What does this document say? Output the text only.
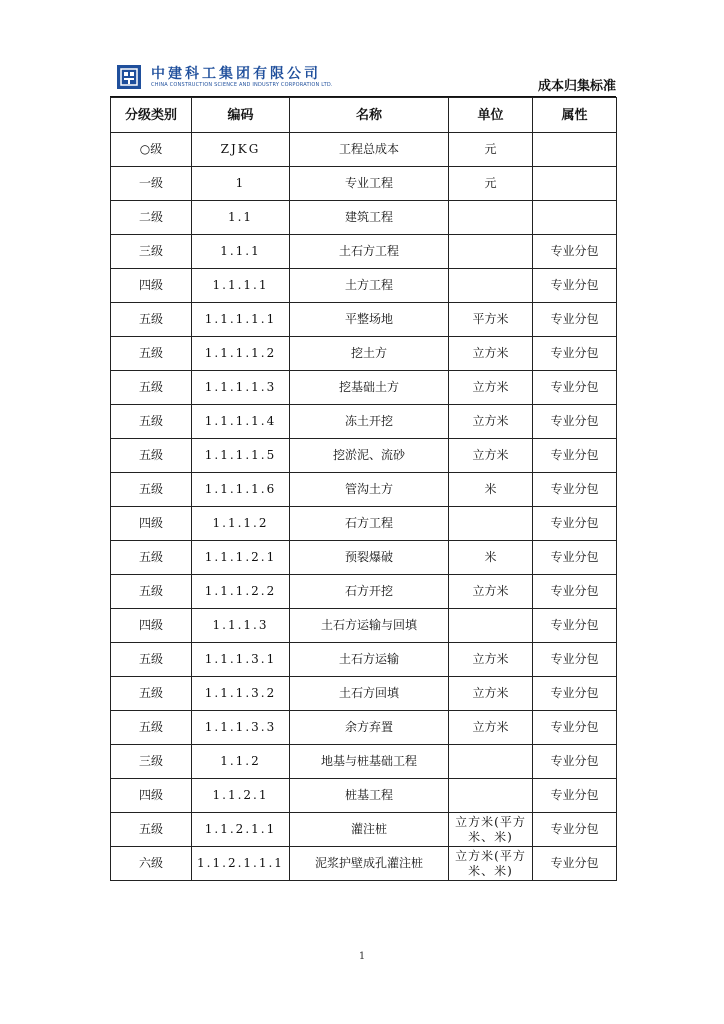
中建科工集团有限公司
CHINA CONSTRUCTION SCIENCE AND INDUSTRY CORPORATION LTD.	成本归集标准
分级类别	编码	名称	单位	属性
○级	ZJKG	工程总成本	元	
一级	1	专业工程	元	
二级	1.1	建筑工程		
三级	1.1.1	土石方工程		专业分包
四级	1.1.1.1	土方工程		专业分包
五级	1.1.1.1.1	平整场地	平方米	专业分包
五级	1.1.1.1.2	挖土方	立方米	专业分包
五级	1.1.1.1.3	挖基础土方	立方米	专业分包
五级	1.1.1.1.4	冻土开挖	立方米	专业分包
五级	1.1.1.1.5	挖淤泥、流砂	立方米	专业分包
五级	1.1.1.1.6	管沟土方	米	专业分包
四级	1.1.1.2	石方工程		专业分包
五级	1.1.1.2.1	预裂爆破	米	专业分包
五级	1.1.1.2.2	石方开挖	立方米	专业分包
四级	1.1.1.3	土石方运输与回填		专业分包
五级	1.1.1.3.1	土石方运输	立方米	专业分包
五级	1.1.1.3.2	土石方回填	立方米	专业分包
五级	1.1.1.3.3	余方弃置	立方米	专业分包
三级	1.1.2	地基与桩基础工程		专业分包
四级	1.1.2.1	桩基工程		专业分包
五级	1.1.2.1.1	灌注桩	立方米(平方米、米)	专业分包
六级	1.1.2.1.1.1	泥浆护壁成孔灌注桩	立方米(平方米、米)	专业分包
1
